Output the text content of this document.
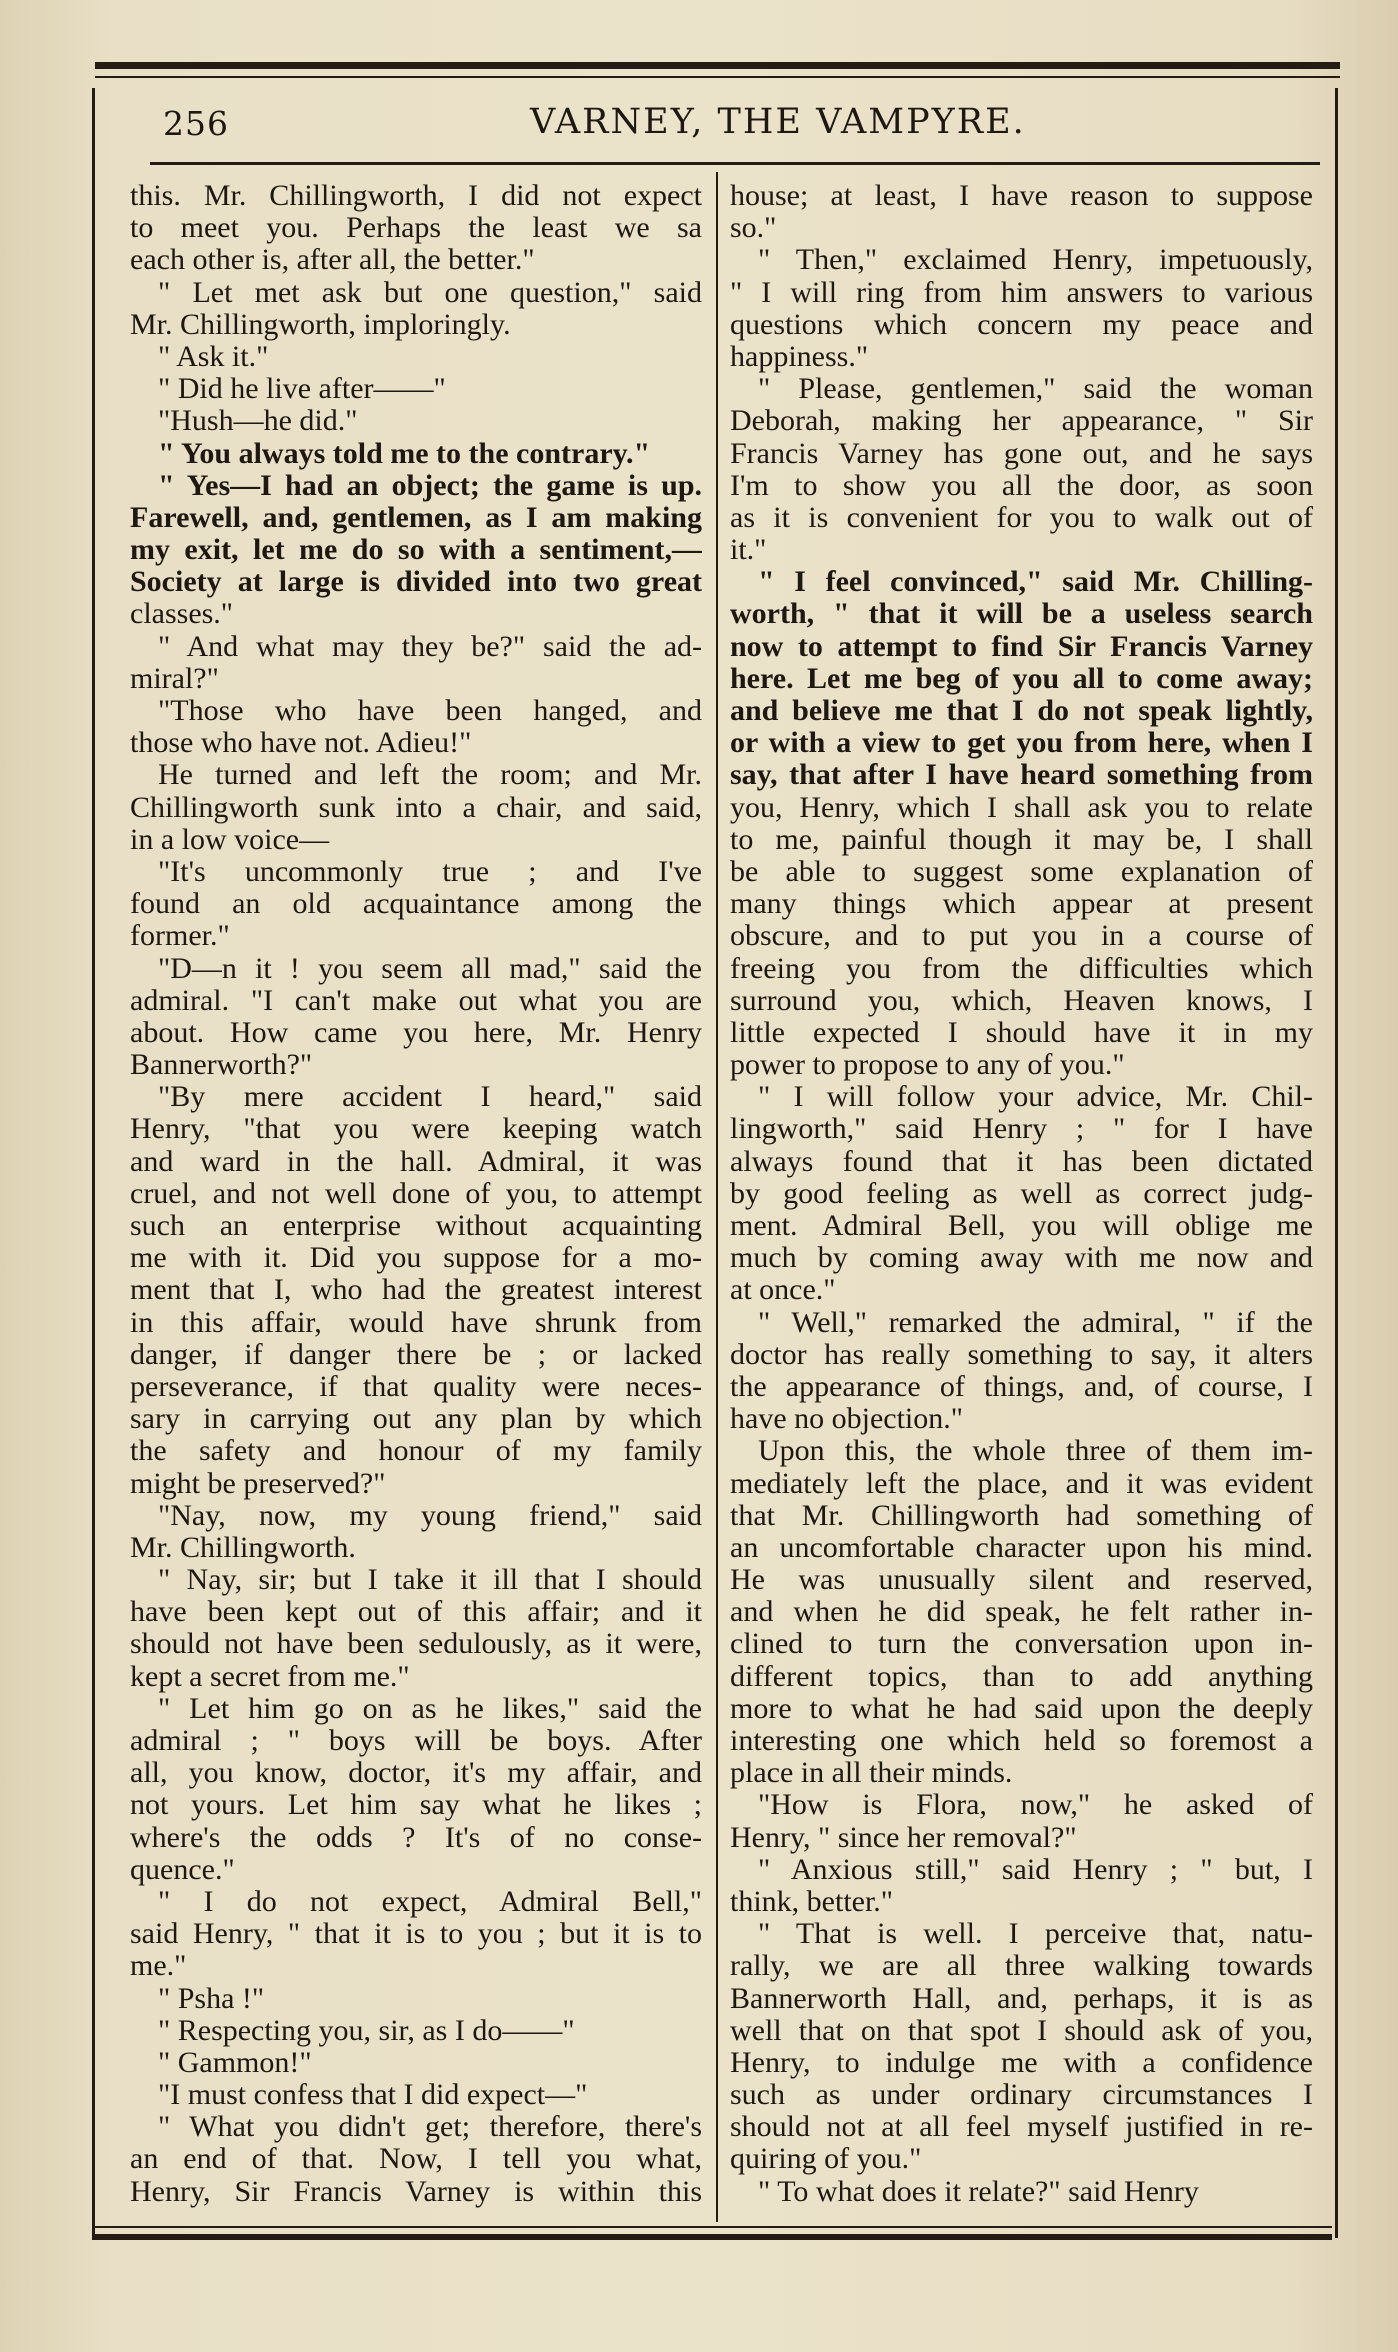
256	VARNEY, THE VAMPYRE.
this. Mr. Chillingworth, I did not expect
to meet you. Perhaps the least we sa
each other is, after all, the better."
" Let met ask but one question," said
Mr. Chillingworth, imploringly.
" Ask it."
" Did he live after——"
"Hush—he did."
" You always told me to the contrary."
" Yes—I had an object; the game is up.
Farewell, and, gentlemen, as I am making
my exit, let me do so with a sentiment,—
Society at large is divided into two great
classes."
" And what may they be?" said the ad-
miral?"
"Those who have been hanged, and
those who have not. Adieu!"
He turned and left the room; and Mr.
Chillingworth sunk into a chair, and said,
in a low voice—
"It's uncommonly true ; and I've
found an old acquaintance among the
former."
"D—n it ! you seem all mad," said the
admiral. "I can't make out what you are
about. How came you here, Mr. Henry
Bannerworth?"
"By mere accident I heard," said
Henry, "that you were keeping watch
and ward in the hall. Admiral, it was
cruel, and not well done of you, to attempt
such an enterprise without acquainting
me with it. Did you suppose for a mo-
ment that I, who had the greatest interest
in this affair, would have shrunk from
danger, if danger there be ; or lacked
perseverance, if that quality were neces-
sary in carrying out any plan by which
the safety and honour of my family
might be preserved?"
"Nay, now, my young friend," said
Mr. Chillingworth.
" Nay, sir; but I take it ill that I should
have been kept out of this affair; and it
should not have been sedulously, as it were,
kept a secret from me."
" Let him go on as he likes," said the
admiral ; " boys will be boys. After
all, you know, doctor, it's my affair, and
not yours. Let him say what he likes ;
where's the odds ? It's of no conse-
quence."
" I do not expect, Admiral Bell,"
said Henry, " that it is to you ; but it is to
me."
" Psha !"
" Respecting you, sir, as I do——"
" Gammon!"
"I must confess that I did expect—"
" What you didn't get; therefore, there's
an end of that. Now, I tell you what,
Henry, Sir Francis Varney is within this
house; at least, I have reason to suppose
so."
" Then," exclaimed Henry, impetuously,
" I will ring from him answers to various
questions which concern my peace and
happiness."
" Please, gentlemen," said the woman
Deborah, making her appearance, " Sir
Francis Varney has gone out, and he says
I'm to show you all the door, as soon
as it is convenient for you to walk out of
it."
" I feel convinced," said Mr. Chilling-
worth, " that it will be a useless search
now to attempt to find Sir Francis Varney
here. Let me beg of you all to come away;
and believe me that I do not speak lightly,
or with a view to get you from here, when I
say, that after I have heard something from
you, Henry, which I shall ask you to relate
to me, painful though it may be, I shall
be able to suggest some explanation of
many things which appear at present
obscure, and to put you in a course of
freeing you from the difficulties which
surround you, which, Heaven knows, I
little expected I should have it in my
power to propose to any of you."
" I will follow your advice, Mr. Chil-
lingworth," said Henry ; " for I have
always found that it has been dictated
by good feeling as well as correct judg-
ment. Admiral Bell, you will oblige me
much by coming away with me now and
at once."
" Well," remarked the admiral, " if the
doctor has really something to say, it alters
the appearance of things, and, of course, I
have no objection."
Upon this, the whole three of them im-
mediately left the place, and it was evident
that Mr. Chillingworth had something of
an uncomfortable character upon his mind.
He was unusually silent and reserved,
and when he did speak, he felt rather in-
clined to turn the conversation upon in-
different topics, than to add anything
more to what he had said upon the deeply
interesting one which held so foremost a
place in all their minds.
"How is Flora, now," he asked of
Henry, " since her removal?"
" Anxious still," said Henry ; " but, I
think, better."
" That is well. I perceive that, natu-
rally, we are all three walking towards
Bannerworth Hall, and, perhaps, it is as
well that on that spot I should ask of you,
Henry, to indulge me with a confidence
such as under ordinary circumstances I
should not at all feel myself justified in re-
quiring of you."
" To what does it relate?" said Henry
